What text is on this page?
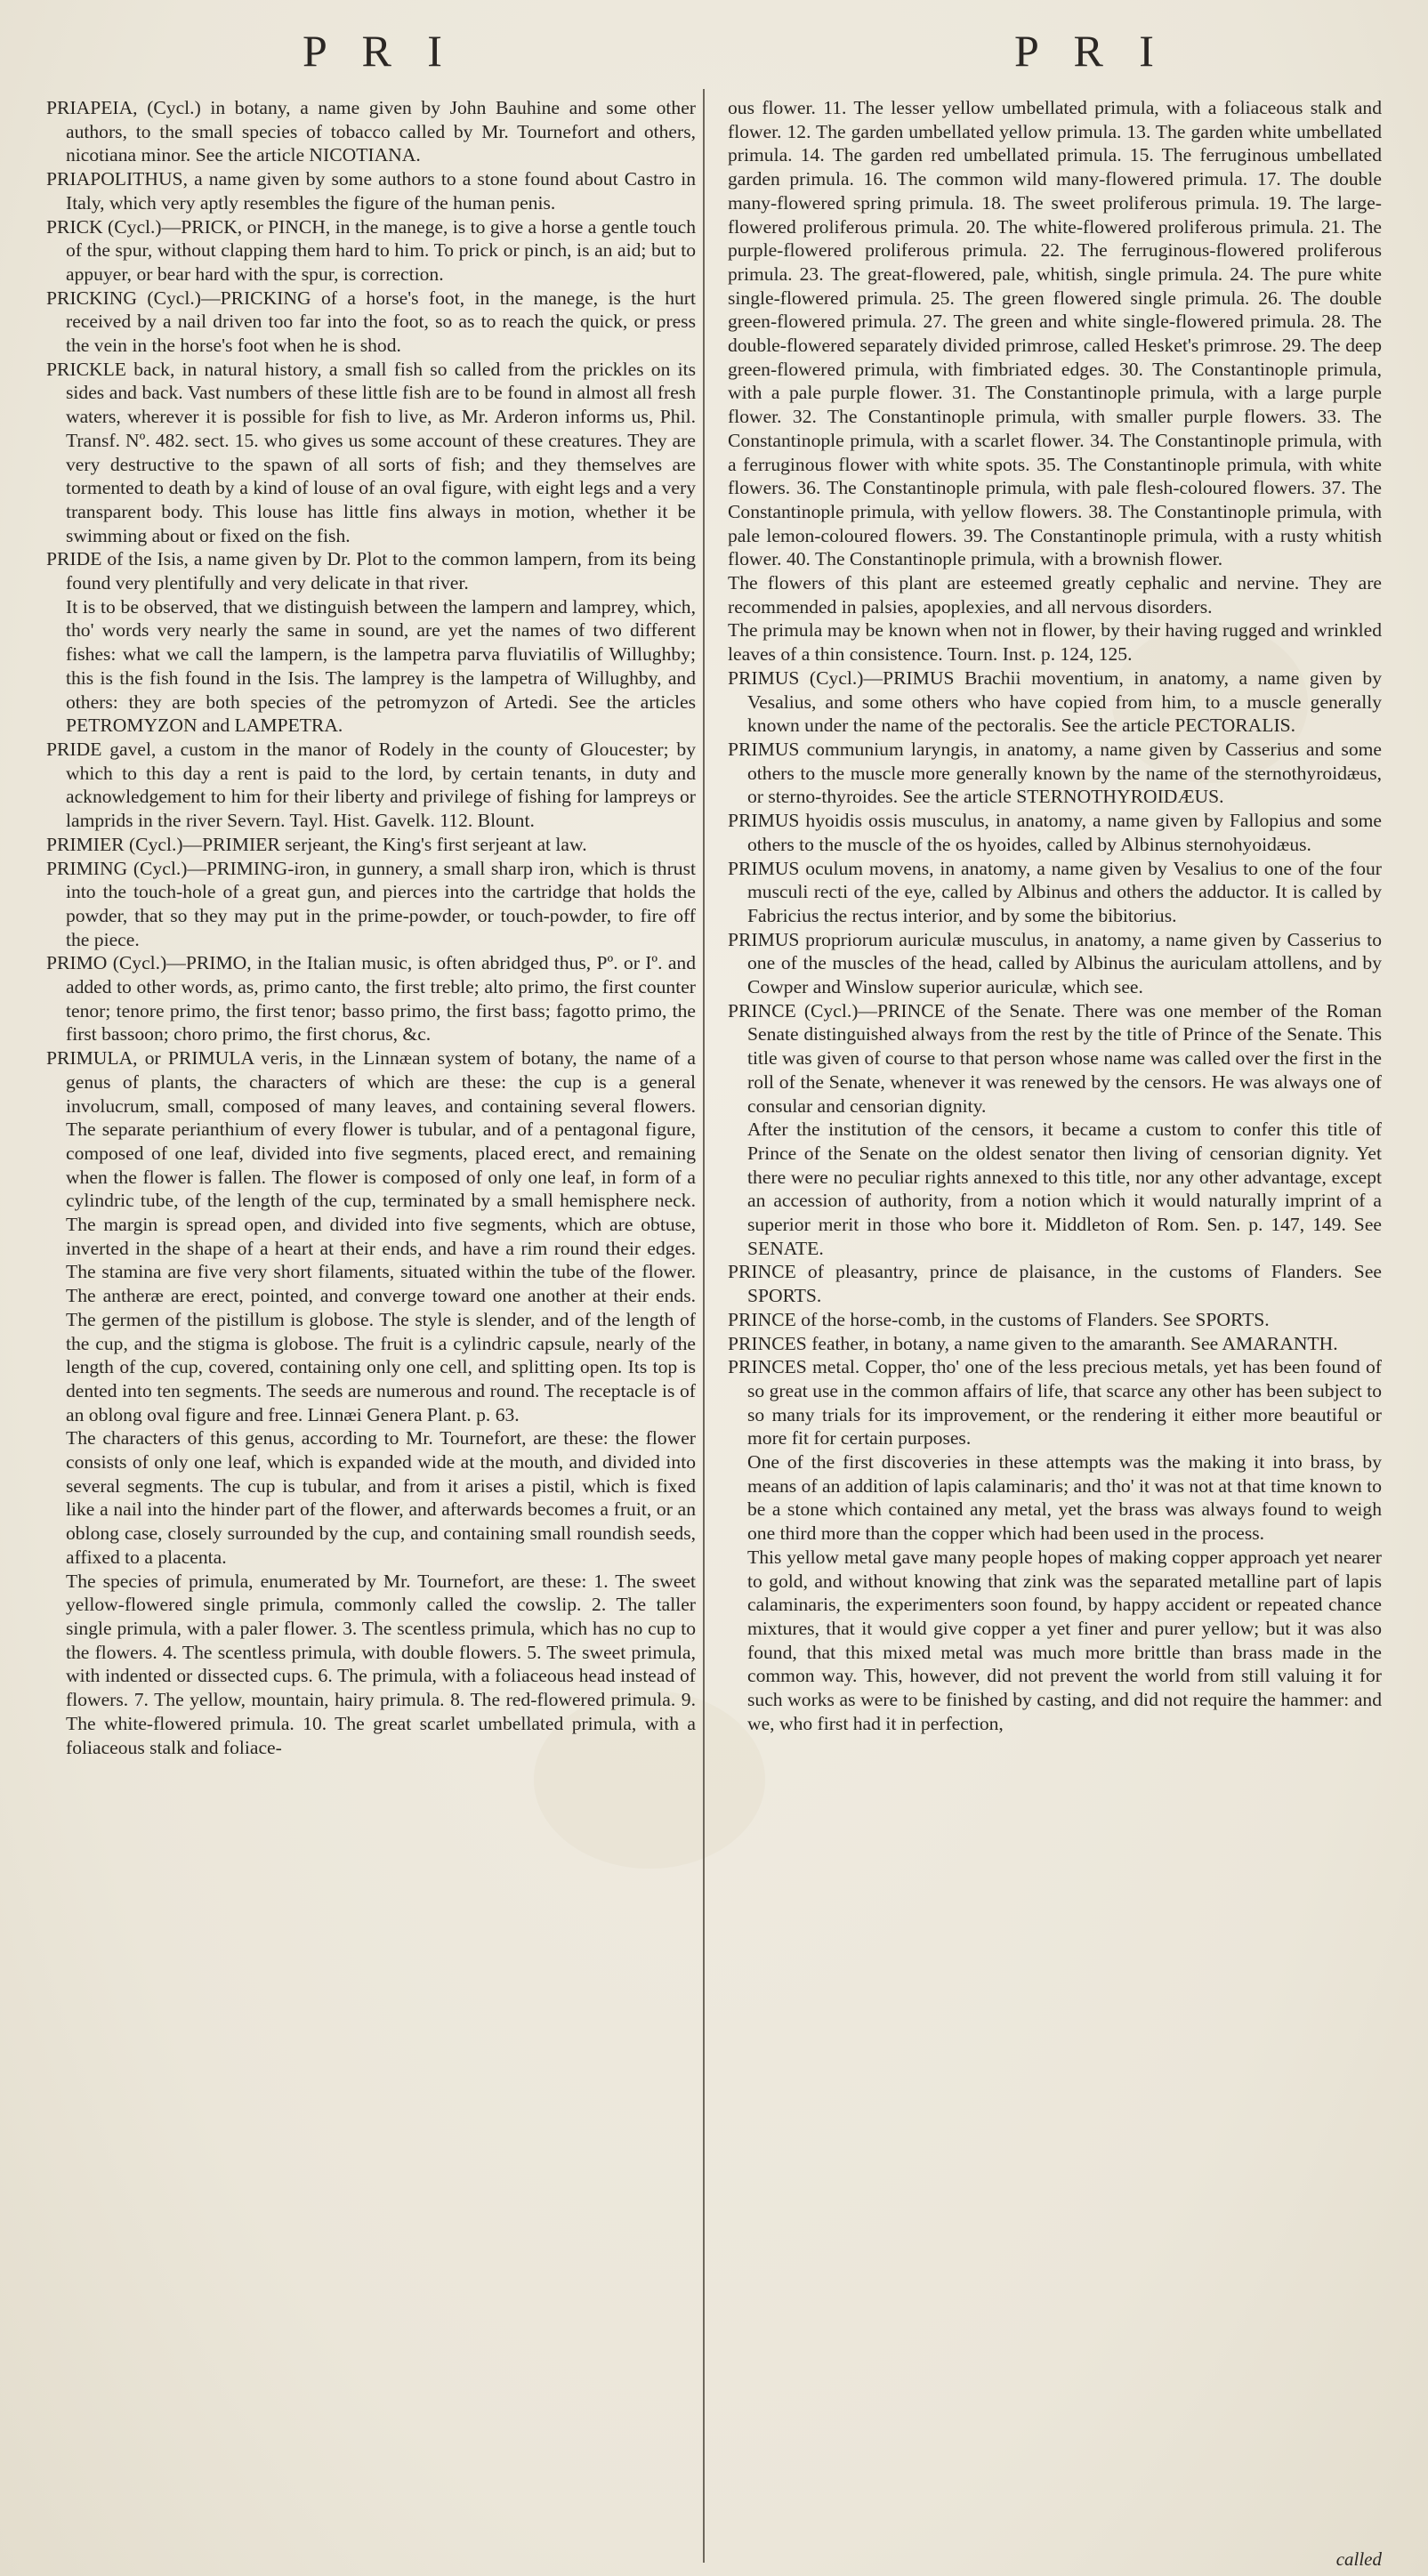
P R I	P R I

PRIAPEIA, (Cycl.) in botany, a name given by John Bauhine and some other authors, to the small species of tobacco called by Mr. Tournefort and others, nicotiana minor. See the article NICOTIANA.

PRIAPOLITHUS, a name given by some authors to a stone found about Castro in Italy, which very aptly resembles the figure of the human penis.

PRICK (Cycl.)—PRICK, or PINCH, in the manege, is to give a horse a gentle touch of the spur, without clapping them hard to him. To prick or pinch, is an aid; but to appuyer, or bear hard with the spur, is correction.

PRICKING (Cycl.)—PRICKING of a horse's foot, in the manege, is the hurt received by a nail driven too far into the foot, so as to reach the quick, or press the vein in the horse's foot when he is shod.

PRICKLE back, in natural history, a small fish so called from the prickles on its sides and back. Vast numbers of these little fish are to be found in almost all fresh waters, wherever it is possible for fish to live, as Mr. Arderon informs us, Phil. Transf. Nº. 482. sect. 15. who gives us some account of these creatures. They are very destructive to the spawn of all sorts of fish; and they themselves are tormented to death by a kind of louse of an oval figure, with eight legs and a very transparent body. This louse has little fins always in motion, whether it be swimming about or fixed on the fish.

PRIDE of the Isis, a name given by Dr. Plot to the common lampern, from its being found very plentifully and very delicate in that river.

It is to be observed, that we distinguish between the lampern and lamprey, which, tho' words very nearly the same in sound, are yet the names of two different fishes: what we call the lampern, is the lampetra parva fluviatilis of Willughby; this is the fish found in the Isis. The lamprey is the lampetra of Willughby, and others: they are both species of the petromyzon of Artedi. See the articles PETROMYZON and LAMPETRA.

PRIDE gavel, a custom in the manor of Rodely in the county of Gloucester; by which to this day a rent is paid to the lord, by certain tenants, in duty and acknowledgement to him for their liberty and privilege of fishing for lampreys or lamprids in the river Severn. Tayl. Hist. Gavelk. 112. Blount.

PRIMIER (Cycl.)—PRIMIER serjeant, the King's first serjeant at law.

PRIMING (Cycl.)—PRIMING-iron, in gunnery, a small sharp iron, which is thrust into the touch-hole of a great gun, and pierces into the cartridge that holds the powder, that so they may put in the prime-powder, or touch-powder, to fire off the piece.

PRIMO (Cycl.)—PRIMO, in the Italian music, is often abridged thus, Pº. or Iº. and added to other words, as, primo canto, the first treble; alto primo, the first counter tenor; tenore primo, the first tenor; basso primo, the first bass; fagotto primo, the first bassoon; choro primo, the first chorus, &c.

PRIMULA, or PRIMULA veris, in the Linnæan system of botany, the name of a genus of plants, the characters of which are these: the cup is a general involucrum, small, composed of many leaves, and containing several flowers. The separate perianthium of every flower is tubular, and of a pentagonal figure, composed of one leaf, divided into five segments, placed erect, and remaining when the flower is fallen. The flower is composed of only one leaf, in form of a cylindric tube, of the length of the cup, terminated by a small hemisphere neck. The margin is spread open, and divided into five segments, which are obtuse, inverted in the shape of a heart at their ends, and have a rim round their edges. The stamina are five very short filaments, situated within the tube of the flower. The antheræ are erect, pointed, and converge toward one another at their ends. The germen of the pistillum is globose. The style is slender, and of the length of the cup, and the stigma is globose. The fruit is a cylindric capsule, nearly of the length of the cup, covered, containing only one cell, and splitting open. Its top is dented into ten segments. The seeds are numerous and round. The receptacle is of an oblong oval figure and free. Linnæi Genera Plant. p. 63.

The characters of this genus, according to Mr. Tournefort, are these: the flower consists of only one leaf, which is expanded wide at the mouth, and divided into several segments. The cup is tubular, and from it arises a pistil, which is fixed like a nail into the hinder part of the flower, and afterwards becomes a fruit, or an oblong case, closely surrounded by the cup, and containing small roundish seeds, affixed to a placenta.

The species of primula, enumerated by Mr. Tournefort, are these: 1. The sweet yellow-flowered single primula, commonly called the cowslip. 2. The taller single primula, with a paler flower. 3. The scentless primula, which has no cup to the flowers. 4. The scentless primula, with double flowers. 5. The sweet primula, with indented or dissected cups. 6. The primula, with a foliaceous head instead of flowers. 7. The yellow, mountain, hairy primula. 8. The red-flowered primula. 9. The white-flowered primula. 10. The great scarlet umbellated primula, with a foliaceous stalk and foliace-

ous flower. 11. The lesser yellow umbellated primula, with a foliaceous stalk and flower. 12. The garden umbellated yellow primula. 13. The garden white umbellated primula. 14. The garden red umbellated primula. 15. The ferruginous umbellated garden primula. 16. The common wild many-flowered primula. 17. The double many-flowered spring primula. 18. The sweet proliferous primula. 19. The large-flowered proliferous primula. 20. The white-flowered proliferous primula. 21. The purple-flowered proliferous primula. 22. The ferruginous-flowered proliferous primula. 23. The great-flowered, pale, whitish, single primula. 24. The pure white single-flowered primula. 25. The green flowered single primula. 26. The double green-flowered primula. 27. The green and white single-flowered primula. 28. The double-flowered separately divided primrose, called Hesket's primrose. 29. The deep green-flowered primula, with fimbriated edges. 30. The Constantinople primula, with a pale purple flower. 31. The Constantinople primula, with a large purple flower. 32. The Constantinople primula, with smaller purple flowers. 33. The Constantinople primula, with a scarlet flower. 34. The Constantinople primula, with a ferruginous flower with white spots. 35. The Constantinople primula, with white flowers. 36. The Constantinople primula, with pale flesh-coloured flowers. 37. The Constantinople primula, with yellow flowers. 38. The Constantinople primula, with pale lemon-coloured flowers. 39. The Constantinople primula, with a rusty whitish flower. 40. The Constantinople primula, with a brownish flower.

The flowers of this plant are esteemed greatly cephalic and nervine. They are recommended in palsies, apoplexies, and all nervous disorders.

The primula may be known when not in flower, by their having rugged and wrinkled leaves of a thin consistence. Tourn. Inst. p. 124, 125.

PRIMUS (Cycl.)—PRIMUS Brachii moventium, in anatomy, a name given by Vesalius, and some others who have copied from him, to a muscle generally known under the name of the pectoralis. See the article PECTORALIS.

PRIMUS communium laryngis, in anatomy, a name given by Casserius and some others to the muscle more generally known by the name of the sternothyroidæus, or sterno-thyroides. See the article STERNOTHYROIDÆUS.

PRIMUS hyoidis ossis musculus, in anatomy, a name given by Fallopius and some others to the muscle of the os hyoides, called by Albinus sternohyoidæus.

PRIMUS oculum movens, in anatomy, a name given by Vesalius to one of the four musculi recti of the eye, called by Albinus and others the adductor. It is called by Fabricius the rectus interior, and by some the bibitorius.

PRIMUS propriorum auriculæ musculus, in anatomy, a name given by Casserius to one of the muscles of the head, called by Albinus the auriculam attollens, and by Cowper and Winslow superior auriculæ, which see.

PRINCE (Cycl.)—PRINCE of the Senate. There was one member of the Roman Senate distinguished always from the rest by the title of Prince of the Senate. This title was given of course to that person whose name was called over the first in the roll of the Senate, whenever it was renewed by the censors. He was always one of consular and censorian dignity.

After the institution of the censors, it became a custom to confer this title of Prince of the Senate on the oldest senator then living of censorian dignity. Yet there were no peculiar rights annexed to this title, nor any other advantage, except an accession of authority, from a notion which it would naturally imprint of a superior merit in those who bore it. Middleton of Rom. Sen. p. 147, 149. See SENATE.

PRINCE of pleasantry, prince de plaisance, in the customs of Flanders. See SPORTS.

PRINCE of the horse-comb, in the customs of Flanders. See SPORTS.

PRINCES feather, in botany, a name given to the amaranth. See AMARANTH.

PRINCES metal. Copper, tho' one of the less precious metals, yet has been found of so great use in the common affairs of life, that scarce any other has been subject to so many trials for its improvement, or the rendering it either more beautiful or more fit for certain purposes.

One of the first discoveries in these attempts was the making it into brass, by means of an addition of lapis calaminaris; and tho' it was not at that time known to be a stone which contained any metal, yet the brass was always found to weigh one third more than the copper which had been used in the process.

This yellow metal gave many people hopes of making copper approach yet nearer to gold, and without knowing that zink was the separated metalline part of lapis calaminaris, the experimenters soon found, by happy accident or repeated chance mixtures, that it would give copper a yet finer and purer yellow; but it was also found, that this mixed metal was much more brittle than brass made in the common way. This, however, did not prevent the world from still valuing it for such works as were to be finished by casting, and did not require the hammer: and we, who first had it in perfection,

called
